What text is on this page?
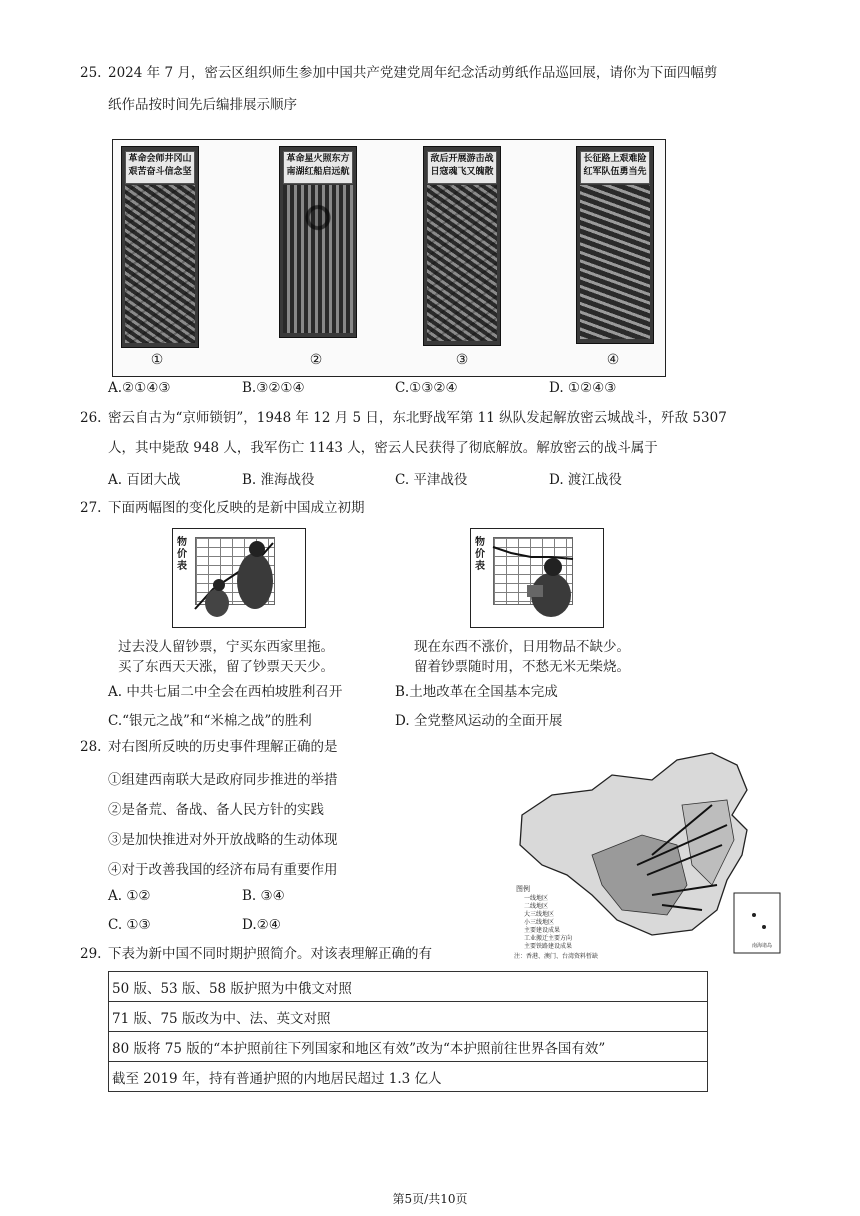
25. 2024 年 7 月，密云区组织师生参加中国共产党建党周年纪念活动剪纸作品巡回展，请你为下面四幅剪
纸作品按时间先后编排展示顺序
革命会师井冈山 艰苦奋斗信念坚
革命星火照东方 南湖红船启远航
敌后开展游击战 日寇魂飞又魄散
长征路上艰难险 红军队伍勇当先
①	②	③	④
A.②①④③	B.③②①④	C.①③②④	D. ①②④③
26. 密云自古为“京师锁钥”，1948 年 12 月 5 日，东北野战军第 11 纵队发起解放密云城战斗，歼敌 5307
人，其中毙敌 948 人，我军伤亡 1143 人，密云人民获得了彻底解放。解放密云的战斗属于
A. 百团大战	B. 淮海战役	C. 平津战役	D. 渡江战役
27. 下面两幅图的变化反映的是新中国成立初期
物价表
物价表
过去没人留钞票，宁买东西家里拖。
买了东西天天涨，留了钞票天天少。
现在东西不涨价，日用物品不缺少。
留着钞票随时用，不愁无米无柴烧。
A. 中共七届二中全会在西柏坡胜利召开	B.土地改革在全国基本完成
C.“银元之战”和“米棉之战”的胜利	D. 全党整风运动的全面开展
28. 对右图所反映的历史事件理解正确的是
①组建西南联大是政府同步推进的举措
②是备荒、备战、备人民方针的实践
③是加快推进对外开放战略的生动体现
④对于改善我国的经济布局有重要作用
A. ①②	B. ③④
C. ①③	D.②④
图例
一线地区
二线地区
大三线地区
小三线地区
主要建设成果
工业搬迁主要方向
主要铁路建设成果
注：香港、澳门、台湾资料暂缺
南海诸岛
29. 下表为新中国不同时期护照简介。对该表理解正确的有
50 版、53 版、58 版护照为中俄文对照
71 版、75 版改为中、法、英文对照
80 版将 75 版的“本护照前往下列国家和地区有效”改为“本护照前往世界各国有效”
截至 2019 年，持有普通护照的内地居民超过 1.3 亿人
第5页/共10页
